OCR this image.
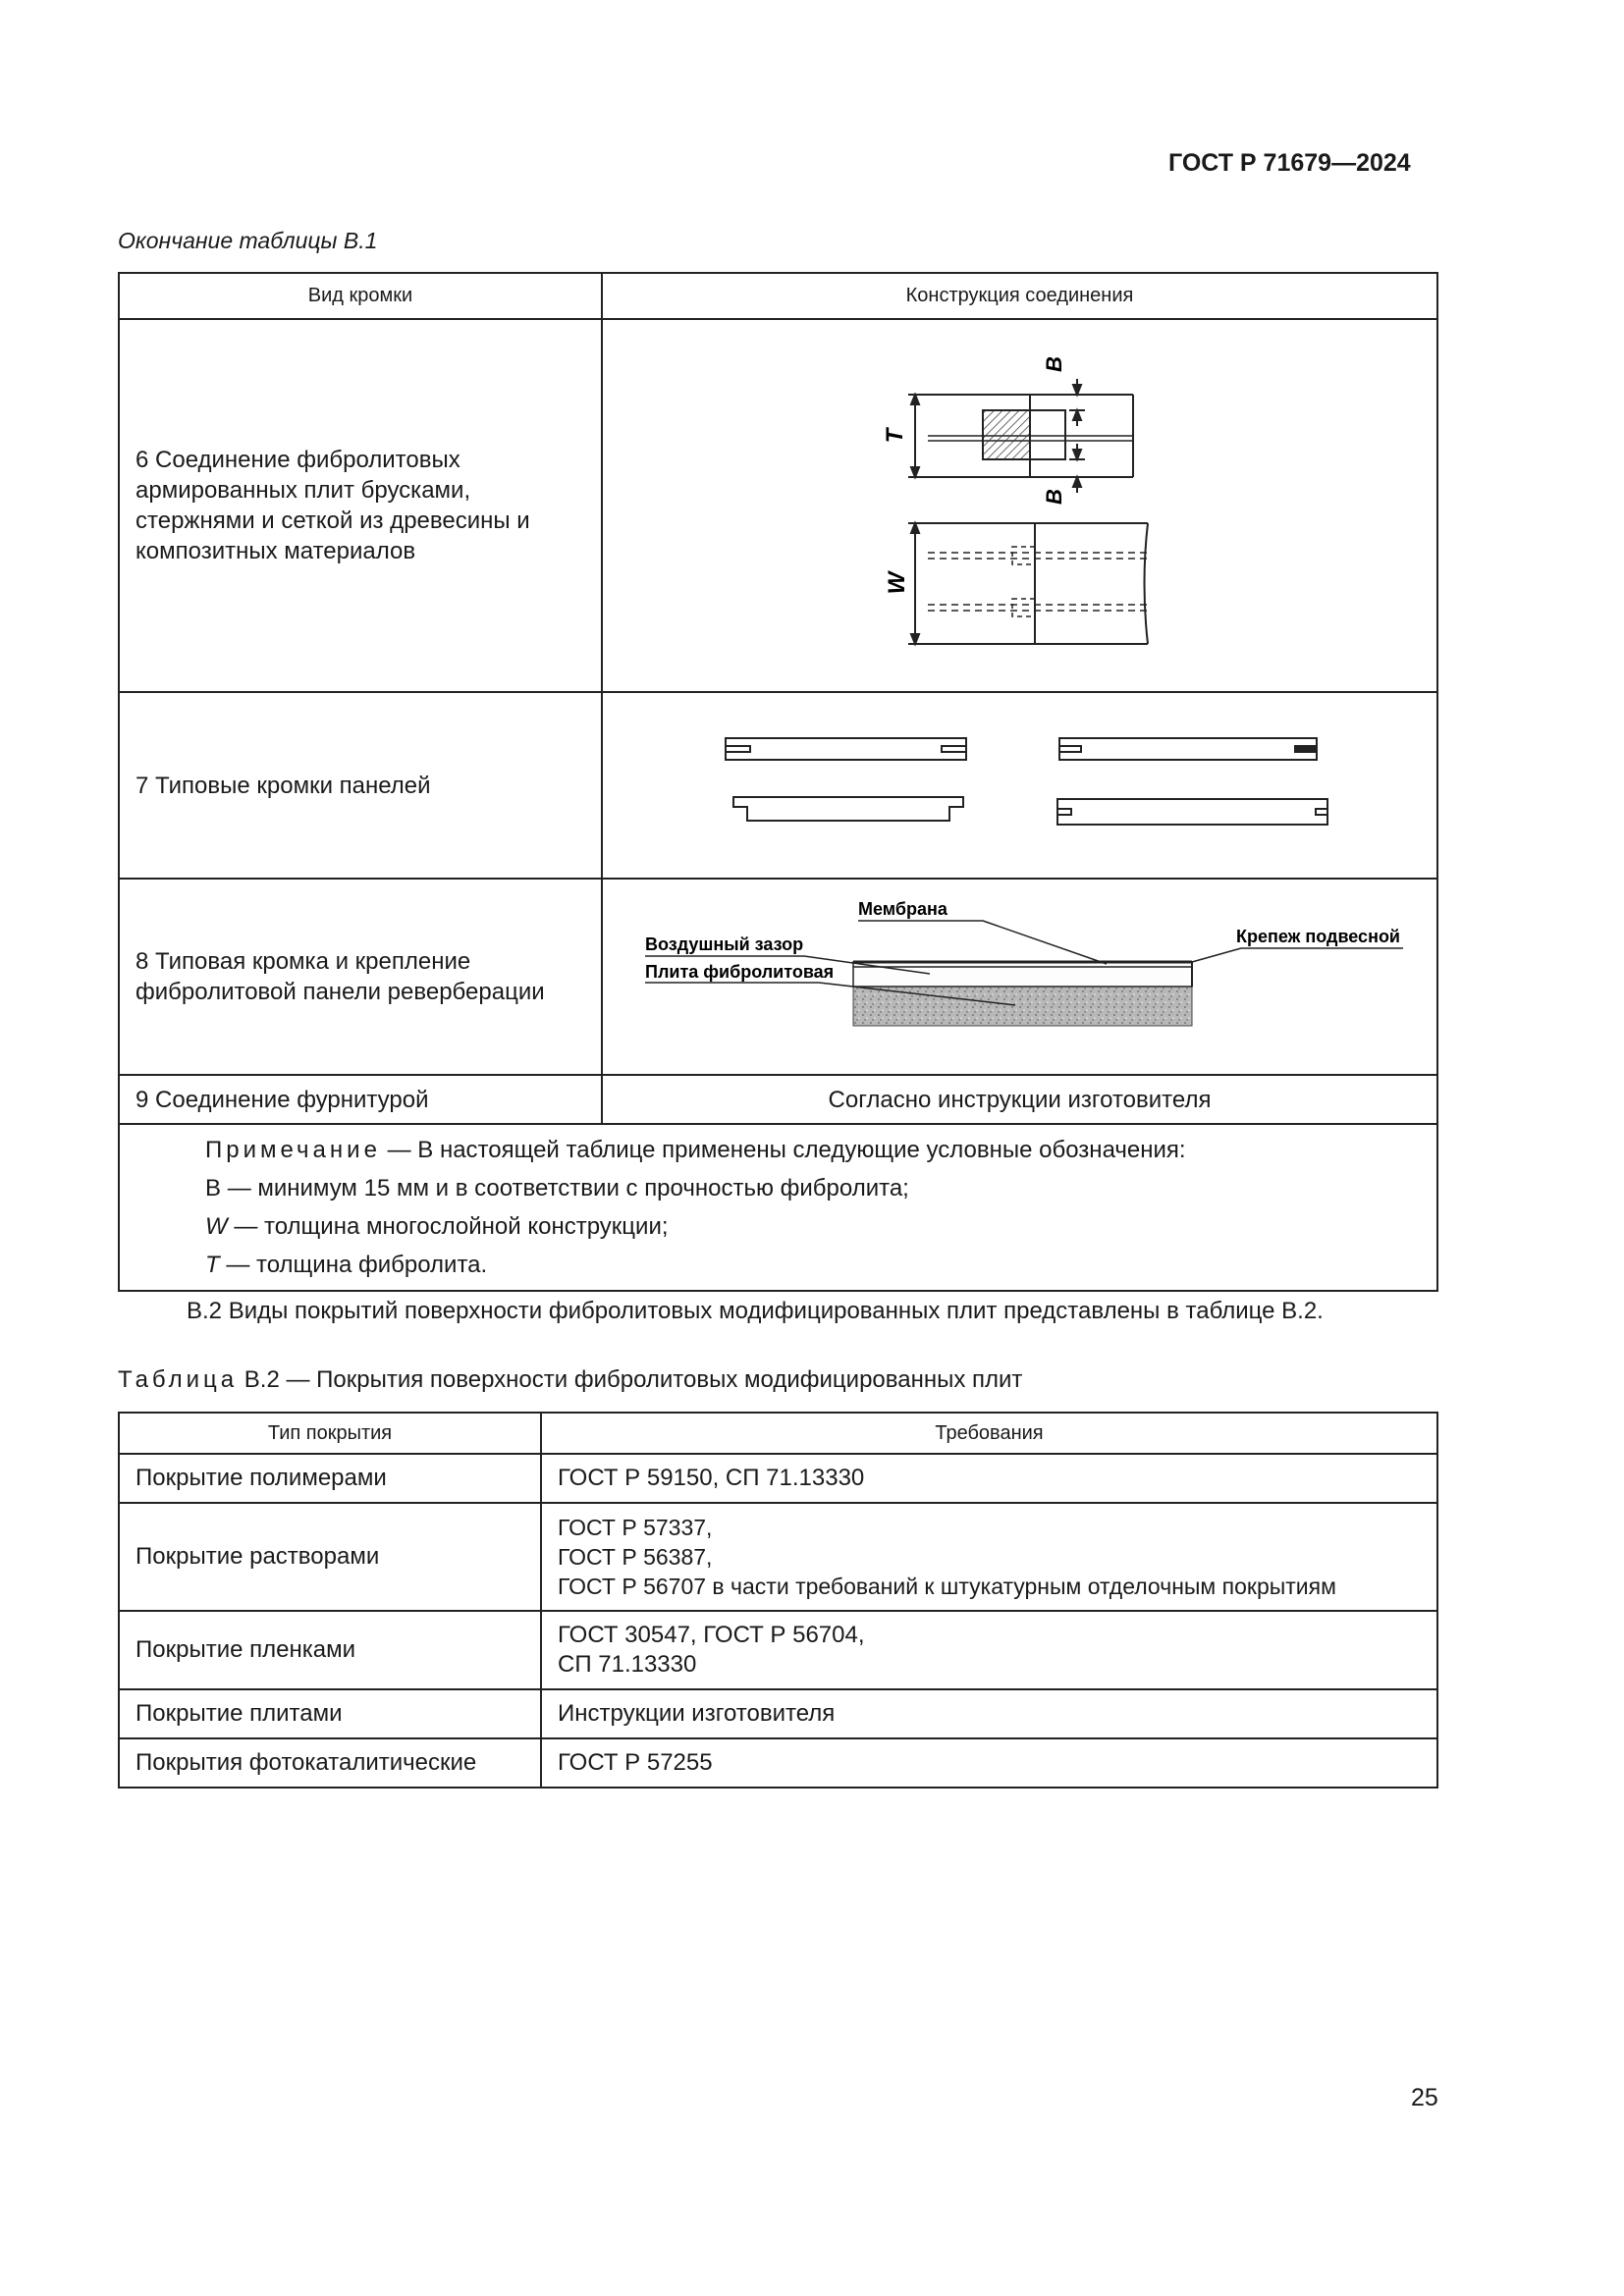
ГОСТ Р 71679—2024
Окончание таблицы В.1
Вид кромки	Конструкция соединения
6 Соединение фибролитовых армированных плит брусками, стержнями и сеткой из древесины и композитных материалов	T
B
B
W

7 Типовые кромки панелей	
8 Типовая кромка и крепление фибролитовой панели реверберации	Мембрана
Воздушный зазор Крепеж подвесной
Плита фибролитовая

9 Соединение фурнитурой	Согласно инструкции изготовителя

Примечание — В настоящей таблице применены следующие условные обозначения:
В — минимум 15 мм и в соответствии с прочностью фибролита;
W — толщина многослойной конструкции;
T — толщина фибролита.	
В.2 Виды покрытий поверхности фибролитовых модифицированных плит представлены в таблице В.2.
Таблица В.2 — Покрытия поверхности фибролитовых модифицированных плит
Тип покрытия	Требования
Покрытие полимерами	ГОСТ Р 59150, СП 71.13330

Покрытие растворами	ГОСТ Р 57337,
ГОСТ Р 56387,
ГОСТ Р 56707 в части требований к штукатурным отделочным покрытиям

Покрытие пленками	ГОСТ 30547, ГОСТ Р 56704,
СП 71.13330

Покрытие плитами	Инструкции изготовителя

Покрытия фотокаталитические	ГОСТ Р 57255
25
